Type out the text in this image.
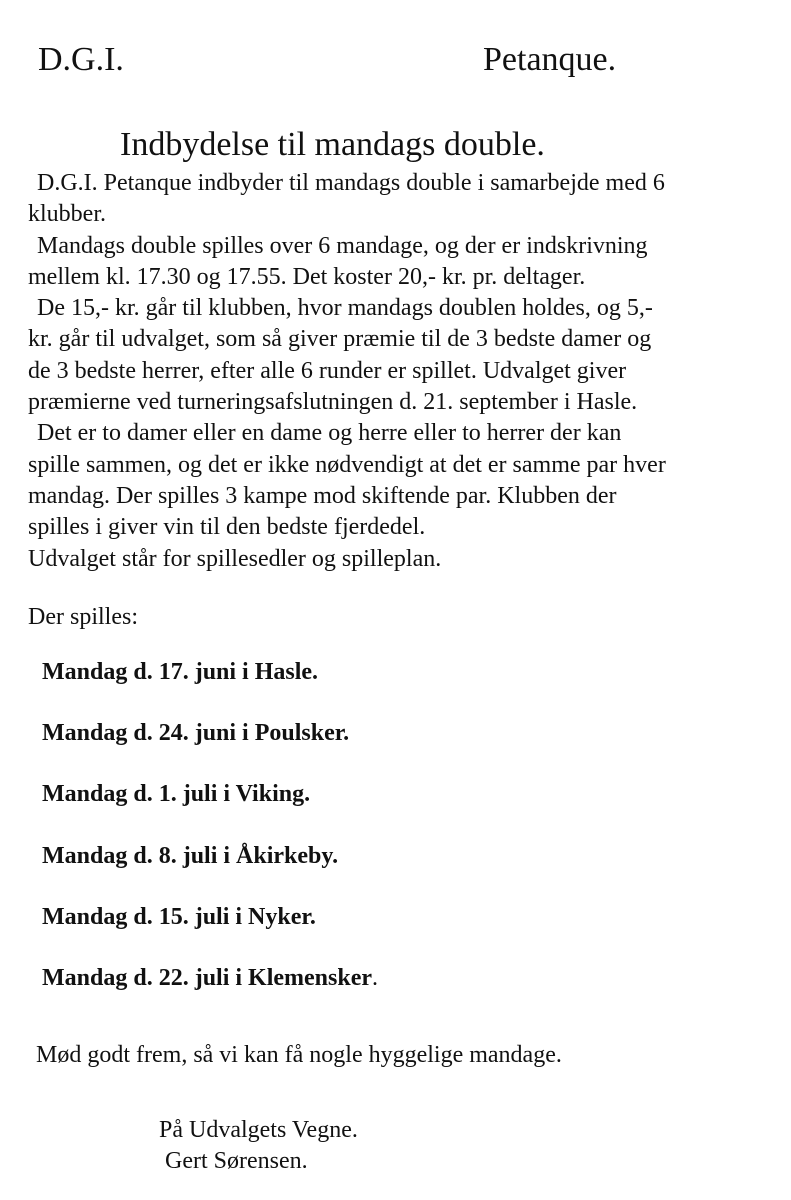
D.G.I.	Petanque.
Indbydelse til mandags double.
D.G.I. Petanque indbyder til mandags double i samarbejde med 6
klubber.
Mandags double spilles over 6 mandage, og der er indskrivning
mellem kl. 17.30 og 17.55. Det koster 20,- kr. pr. deltager.
De 15,- kr. går til klubben, hvor mandags doublen holdes, og 5,-
kr. går til udvalget, som så giver præmie til de 3 bedste damer og
de 3 bedste herrer, efter alle 6 runder er spillet. Udvalget giver
præmierne ved turneringsafslutningen d. 21. september i Hasle.
Det er to damer eller en dame og herre eller to herrer der kan
spille sammen, og det er ikke nødvendigt at det er samme par hver
mandag. Der spilles 3 kampe mod skiftende par. Klubben der
spilles i giver vin til den bedste fjerdedel.
Udvalget står for spillesedler og spilleplan.
Der spilles:
Mandag d. 17. juni i Hasle.
Mandag d. 24. juni i Poulsker.
Mandag d. 1. juli i Viking.
Mandag d. 8. juli i Åkirkeby.
Mandag d. 15. juli i Nyker.
Mandag d. 22. juli i Klemensker.
Mød godt frem, så vi kan få nogle hyggelige mandage.
På Udvalgets Vegne.
Gert Sørensen.
